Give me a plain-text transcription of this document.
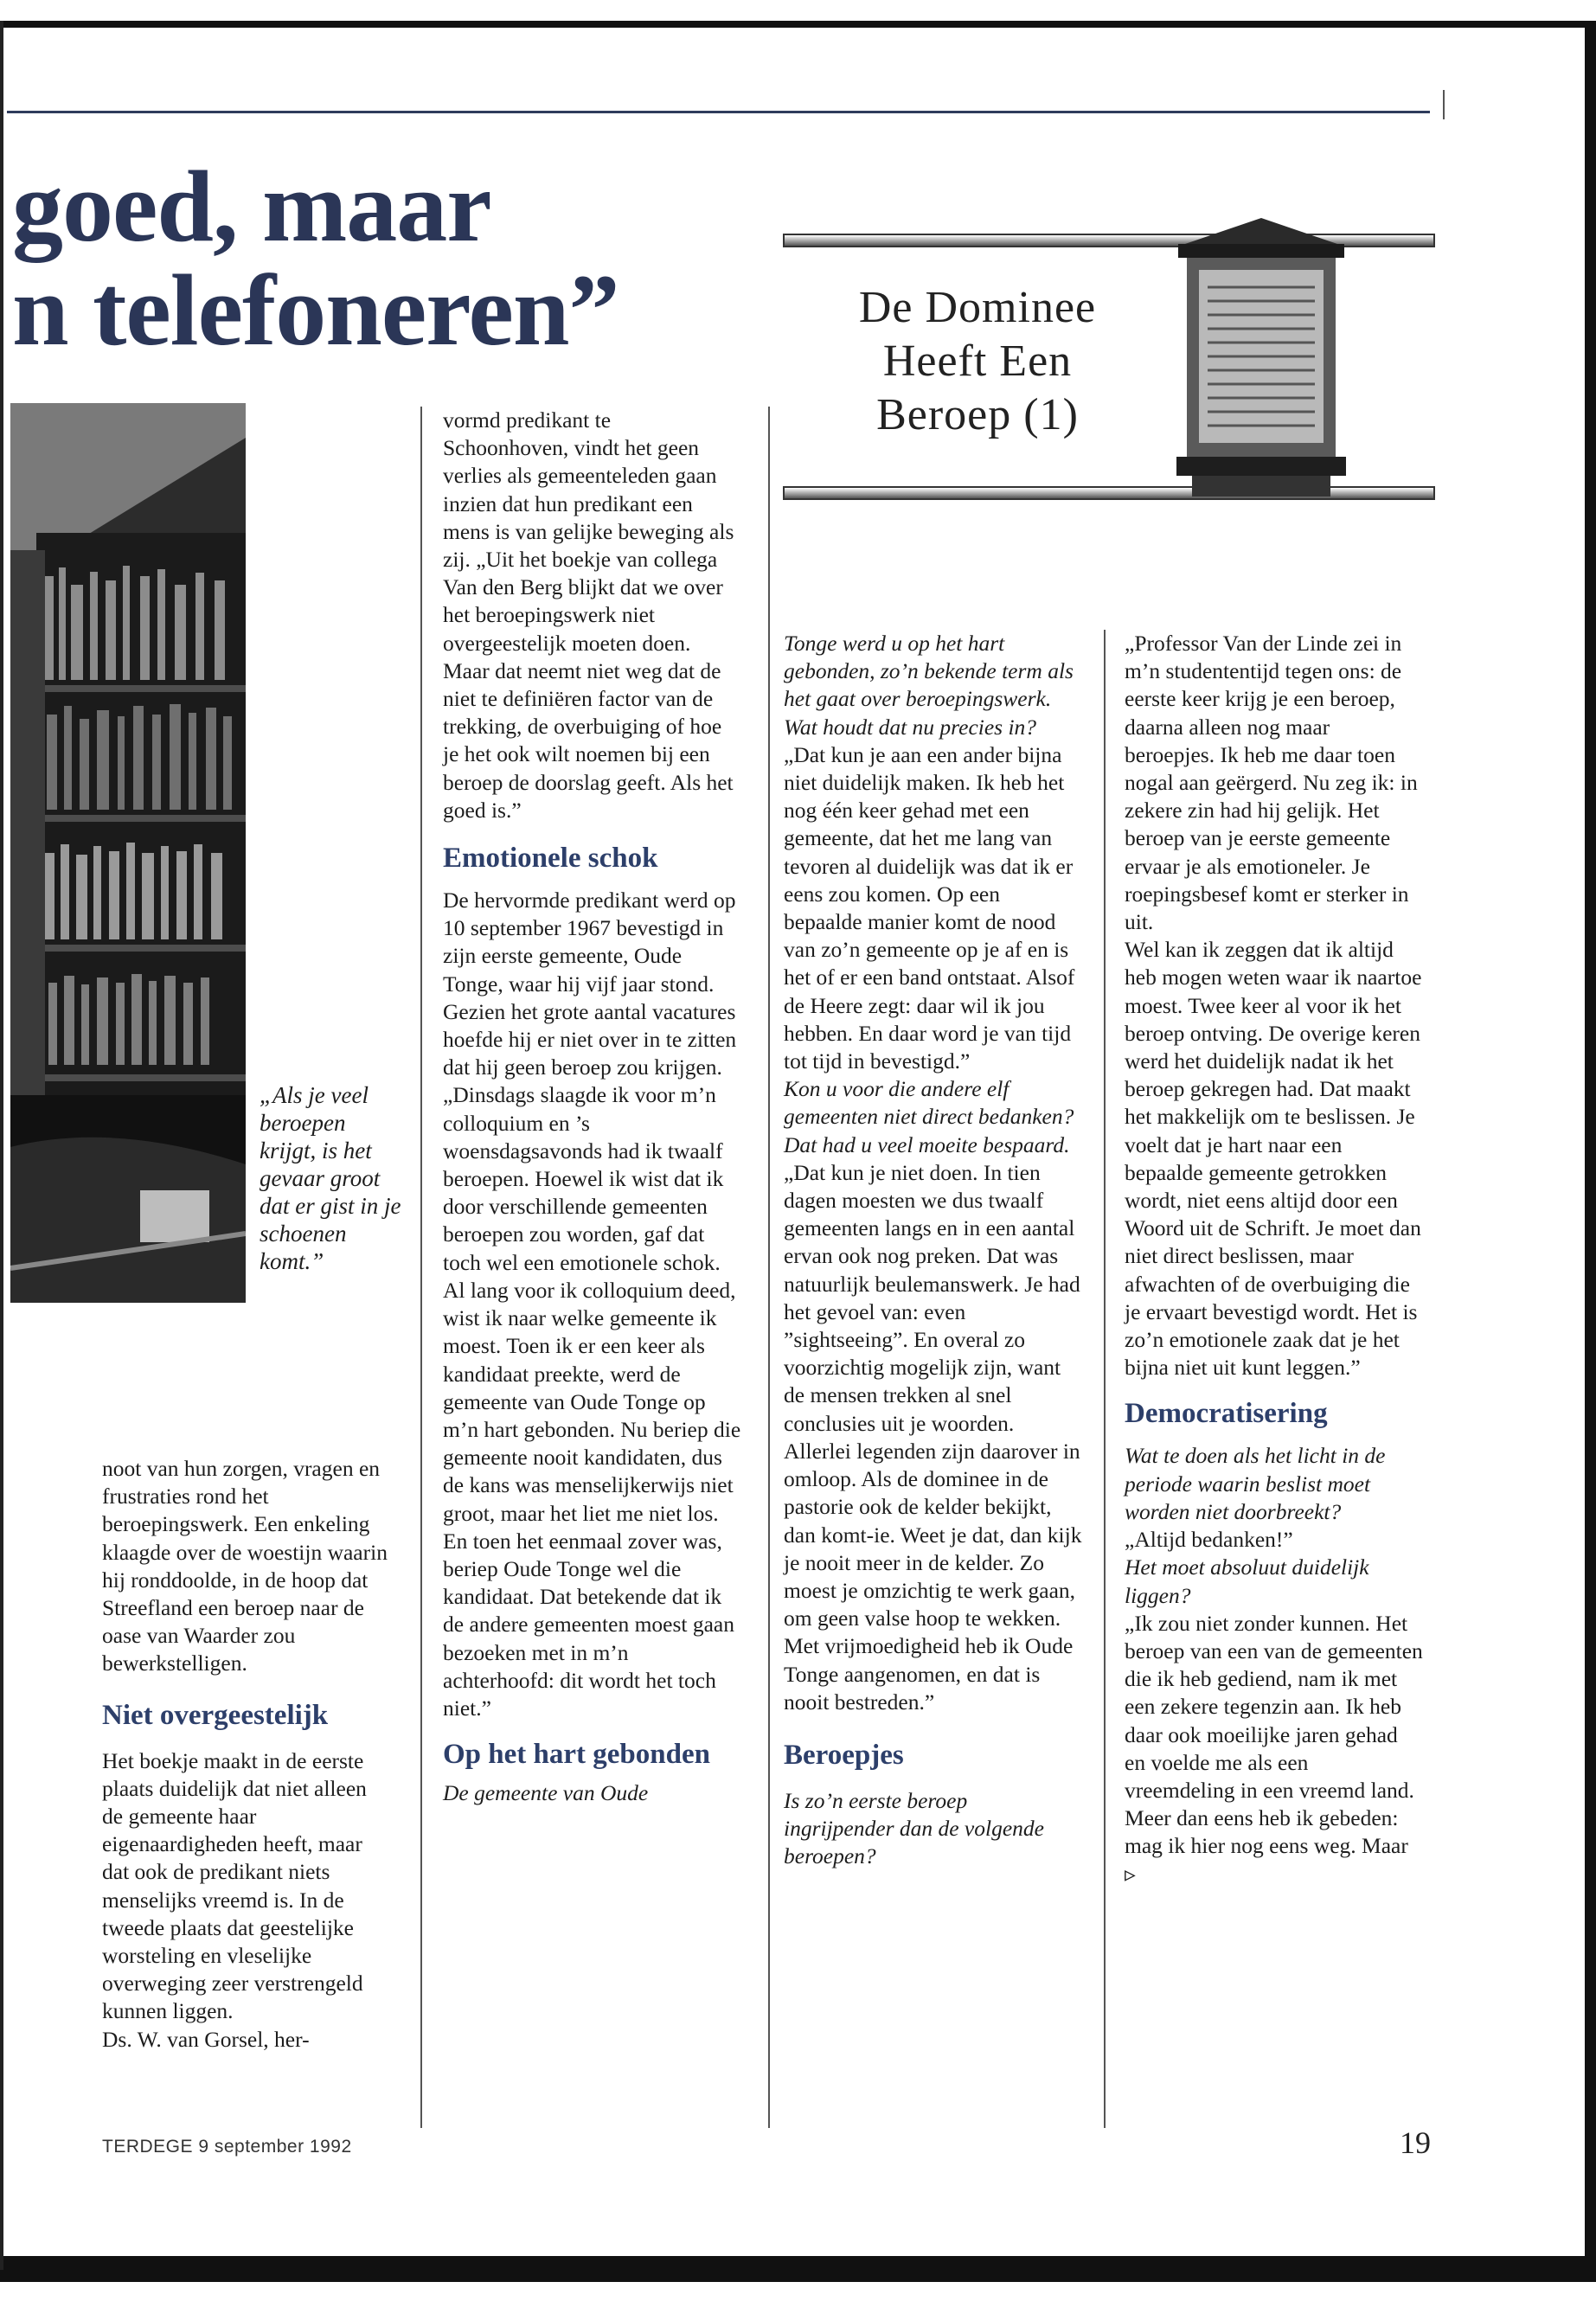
goed, maar
n telefoneren”	De Dominee
Heeft Een
Beroep (1)
„Als je veel beroepen krijgt, is het gevaar groot dat er gist in je schoenen komt.”

noot van hun zorgen, vragen en frustraties rond het beroepingswerk. Een enkeling klaagde over de woestijn waarin hij ronddoolde, in de hoop dat Streefland een beroep naar de oase van Waarder zou bewerkstelligen.

Niet overgeestelijk

Het boekje maakt in de eerste plaats duidelijk dat niet alleen de gemeente haar eigenaardigheden heeft, maar dat ook de predikant niets menselijks vreemd is. In de tweede plaats dat geestelijke worsteling en vleselijke overweging zeer verstrengeld kunnen liggen.

Ds. W. van Gorsel, her-

vormd predikant te Schoonhoven, vindt het geen verlies als gemeenteleden gaan inzien dat hun predikant een mens is van gelijke beweging als zij. „Uit het boekje van collega Van den Berg blijkt dat we over het beroepingswerk niet overgeestelijk moeten doen. Maar dat neemt niet weg dat de niet te definiëren factor van de trekking, de overbuiging of hoe je het ook wilt noemen bij een beroep de doorslag geeft. Als het goed is.”

Emotionele schok

De hervormde predikant werd op 10 september 1967 bevestigd in zijn eerste gemeente, Oude Tonge, waar hij vijf jaar stond. Gezien het grote aantal vacatures hoefde hij er niet over in te zitten dat hij geen beroep zou krijgen. „Dinsdags slaagde ik voor m’n colloquium en ’s woensdagsavonds had ik twaalf beroepen. Hoewel ik wist dat ik door verschillende gemeenten beroepen zou worden, gaf dat toch wel een emotionele schok.

Al lang voor ik colloquium deed, wist ik naar welke gemeente ik moest. Toen ik er een keer als kandidaat preekte, werd de gemeente van Oude Tonge op m’n hart gebonden. Nu beriep die gemeente nooit kandidaten, dus de kans was menselijkerwijs niet groot, maar het liet me niet los. En toen het eenmaal zover was, beriep Oude Tonge wel die kandidaat. Dat betekende dat ik de andere gemeenten moest gaan bezoeken met in m’n achterhoofd: dit wordt het toch niet.”

Op het hart gebonden

De gemeente van Oude

Tonge werd u op het hart gebonden, zo’n bekende term als het gaat over beroepingswerk. Wat houdt dat nu precies in?

„Dat kun je aan een ander bijna niet duidelijk maken. Ik heb het nog één keer gehad met een gemeente, dat het me lang van tevoren al duidelijk was dat ik er eens zou komen. Op een bepaalde manier komt de nood van zo’n gemeente op je af en is het of er een band ontstaat. Alsof de Heere zegt: daar wil ik jou hebben. En daar word je van tijd tot tijd in bevestigd.”

Kon u voor die andere elf gemeenten niet direct bedanken? Dat had u veel moeite bespaard.

„Dat kun je niet doen. In tien dagen moesten we dus twaalf gemeenten langs en in een aantal ervan ook nog preken. Dat was natuurlijk beulemanswerk. Je had het gevoel van: even ”sightseeing”. En overal zo voorzichtig mogelijk zijn, want de mensen trekken al snel conclusies uit je woorden. Allerlei legenden zijn daarover in omloop. Als de dominee in de pastorie ook de kelder bekijkt, dan komt-ie. Weet je dat, dan kijk je nooit meer in de kelder. Zo moest je omzichtig te werk gaan, om geen valse hoop te wekken. Met vrijmoedigheid heb ik Oude Tonge aangenomen, en dat is nooit bestreden.”

Beroepjes

Is zo’n eerste beroep ingrijpender dan de volgende beroepen?

„Professor Van der Linde zei in m’n studententijd tegen ons: de eerste keer krijg je een beroep, daarna alleen nog maar beroepjes. Ik heb me daar toen nogal aan geërgerd. Nu zeg ik: in zekere zin had hij gelijk. Het beroep van je eerste gemeente ervaar je als emotioneler. Je roepingsbesef komt er sterker in uit.

Wel kan ik zeggen dat ik altijd heb mogen weten waar ik naartoe moest. Twee keer al voor ik het beroep ontving. De overige keren werd het duidelijk nadat ik het beroep gekregen had. Dat maakt het makkelijk om te beslissen. Je voelt dat je hart naar een bepaalde gemeente getrokken wordt, niet eens altijd door een Woord uit de Schrift. Je moet dan niet direct beslissen, maar afwachten of de overbuiging die je ervaart bevestigd wordt. Het is zo’n emotionele zaak dat je het bijna niet uit kunt leggen.”

Democratisering

Wat te doen als het licht in de periode waarin beslist moet worden niet doorbreekt?

„Altijd bedanken!”

Het moet absoluut duidelijk liggen?

„Ik zou niet zonder kunnen. Het beroep van een van de gemeenten die ik heb gediend, nam ik met een zekere tegenzin aan. Ik heb daar ook moeilijke jaren gehad en voelde me als een vreemdeling in een vreemd land. Meer dan eens heb ik gebeden: mag ik hier nog eens weg. Maar ▹

TERDEGE 9 september 1992	19
